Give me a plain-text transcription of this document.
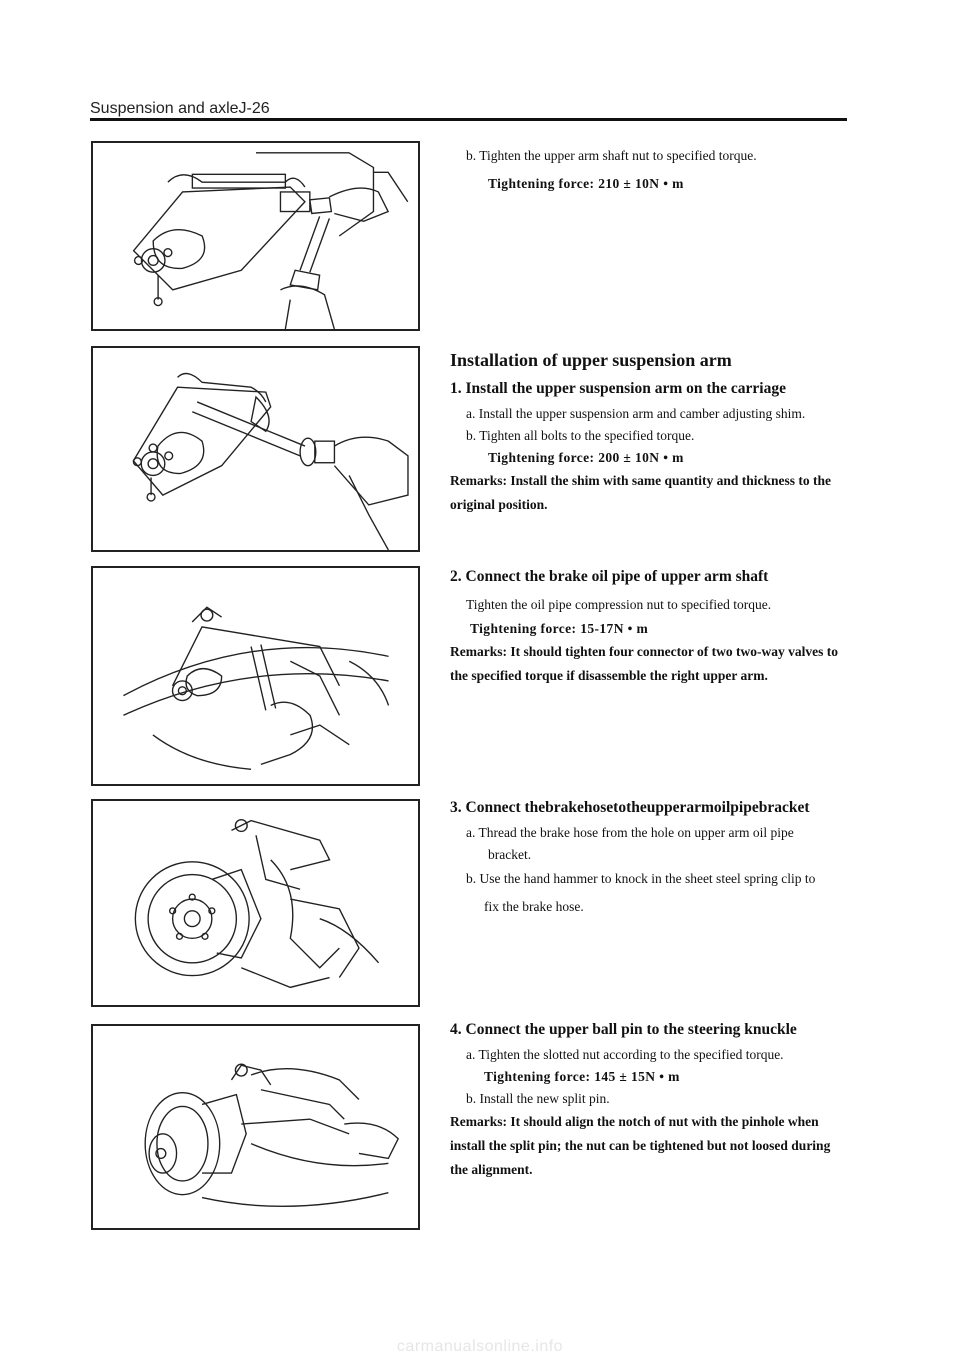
Suspension and axleJ-26
b. Tighten the upper arm shaft nut to specified torque.
Tightening force: 210 ± 10N • m
Installation of upper suspension arm
1. Install the upper suspension arm on the carriage
a. Install the upper suspension arm and camber adjusting shim.
b. Tighten all bolts to the specified torque.
Tightening force: 200 ± 10N • m
Remarks: Install the shim with same quantity and thickness to the original position.
2. Connect the brake oil pipe of upper arm shaft
Tighten the oil pipe compression nut to specified torque.
Tightening force: 15-17N • m
Remarks: It should tighten four connector of two two-way valves to the specified torque if disassemble the right upper arm.
3. Connect thebrakehosetotheupperarmoilpipebracket
a. Thread the brake hose from the hole on upper arm oil pipe
bracket.
b. Use the hand hammer to knock in the sheet steel spring clip to
fix the brake hose.
4. Connect the upper ball pin to the steering knuckle
a. Tighten the slotted nut according to the specified torque.
Tightening force: 145 ± 15N • m
b. Install the new split pin.
Remarks: It should align the notch of nut with the pinhole when install the split pin; the nut can be tightened but not loosed during the alignment.
carmanualsonline.info
